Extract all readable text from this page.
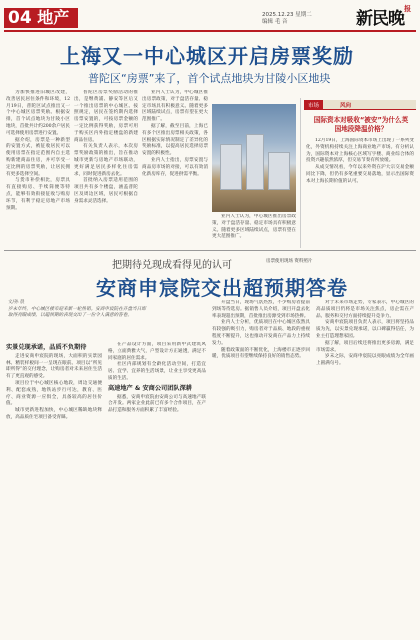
04 地产	2025.12.23 星期二
编辑 毛 音	新民晚$^报$
上海又一中心城区开启房票奖励
普陀区“房票”来了，首个试点地块为甘陵小区地块

为加快推进旧城区改建，改善居民居住条件和环境，12月19日，普陀区试点推出又一个中心城区房票奖励。根据安排，首个试点地块为甘陵小区地块，首批共计约200余户居民可选择使用房票进行安置。

据介绍，房票是一种新型的安置方式，被征收居民可以使用房票在指定范围内自主选购新建商品住房，并可享受一定比例的房票奖励，让居民拥有更多选择空间。

与货币补偿相比，房票具有直接购房、手续简便等特点，能够有效衔接征收与购房环节，有利于稳定房地产市场预期。

普陀区房票奖励活动的推出，是继黄浦、静安等区后又一个推出房票的中心城区。按照规定，居民在签约期内选择房票安置的，可按房票金额的一定比例获得奖励，房票可用于购买区内外指定楼盘的新建商品住房。

有关负责人表示，本次房票奖励政策的推出，旨在推动城市更新与房地产市场联动，更好满足居民多样化住房需求，同时促进新房去化。

首批纳入房票适用范围的项目共有多个楼盘，涵盖普陀区及周边区域，居民可根据自身需求灵活选择。

业内人士认为，中心城区推出房票政策，对于盘活存量、稳定市场具有积极意义。随着更多区域陆续试点，房票有望在更大范围推广。

据了解，截至目前，上海已有多个区推出房票相关政策，各区根据实际情况制定了差异化的奖励标准，以提高居民选择房票安置的积极性。

业内人士指出，房票安置与商品房市场的对接，可以有效消化新房库存，促进供需平衡。

业内人士认为，中心城区推出房票政策，对于盘活存量、稳定市场具有积极意义。随着更多区域陆续试点，房票有望在更大范围推广。

房票使用现场 资料照片
市场	风向
国际资本对吸收“被安”为什么英国地段降温价格？

12月19日，上海国际资本市场上出现了一系列变化，外资机构持续关注上海商业地产市场。有分析认为，国际资本对上海核心区域写字楼、商业综合体的投资兴趣依然浓厚，但交易节奏有所放缓。

从成交情况看，今年以来外资在沪大宗交易金额同比下降，但仍有多笔重要交易落地，显示出国际资本对上海长期价值的认可。

把期待兑现成看得见的认可
安商申宸院交出超预期答卷
文/孙 晨
岁末年终，中心城区楼市迎来新一轮热销。安商申宸院在开盘当日即取得亮眼成绩，以超预期的表现交出了一份令人满意的答卷。
实景兑现承诺，品质不负期待

走进安商申宸院的现场，大面积的实景园林、精装样板间一一呈现在眼前。项目以“所见即所得”的交付理念，让购房者对未来居住生活有了更直观的感受。

项目位于中心城区核心地段，周边交通便利、配套成熟，地铁站步行可达，教育、医疗、商业资源一应俱全，具备较高的居住价值。

城市更新进程加快，中心城区稀缺地块释放，高品质住宅项目备受青睐。

在产品设计方面，项目采用新中式建筑风格，立面典雅大气，户型设计方正通透，满足不同家庭的居住需求。

社区内部规划有全龄化活动空间，打造宜居、宜学、宜养的生活场景，让业主享受更高品质的生活。

高速地产 & 安商公司团队深耕

据悉，安商申宸院由安商公司与高速地产联合开发。两家企业此前已有多个合作项目，在产品打造和服务方面积累了丰富经验。

开盘当日，现场气氛热烈，不少购房者提前到场等待选房。据销售人员介绍，项目开盘去化率表现超出预期，首批推出房源受到市场热捧。

业内人士分析，优质项目在中心城区依然具有较强的吸引力，购房者对于品质、地段的重视程度不断提升，这也推动开发商在产品力上持续发力。

随着政策面的不断优化，上海楼市正逐步回暖，优质项目有望继续保持良好的销售态势。

对于未来市场走势，专家表示，中心城区的高品质项目仍将是市场关注焦点，房企需在产品、服务和交付方面持续提升竞争力。

安商申宸院项目负责人表示，项目将坚持品质为先，以实景兑现承诺，以口碑赢得信任，为业主打造理想家园。

据了解，项目后续还将推出更多房源，满足市场需求。

岁末之际，安商申宸院以亮眼成绩为全年画上圆满句号。
